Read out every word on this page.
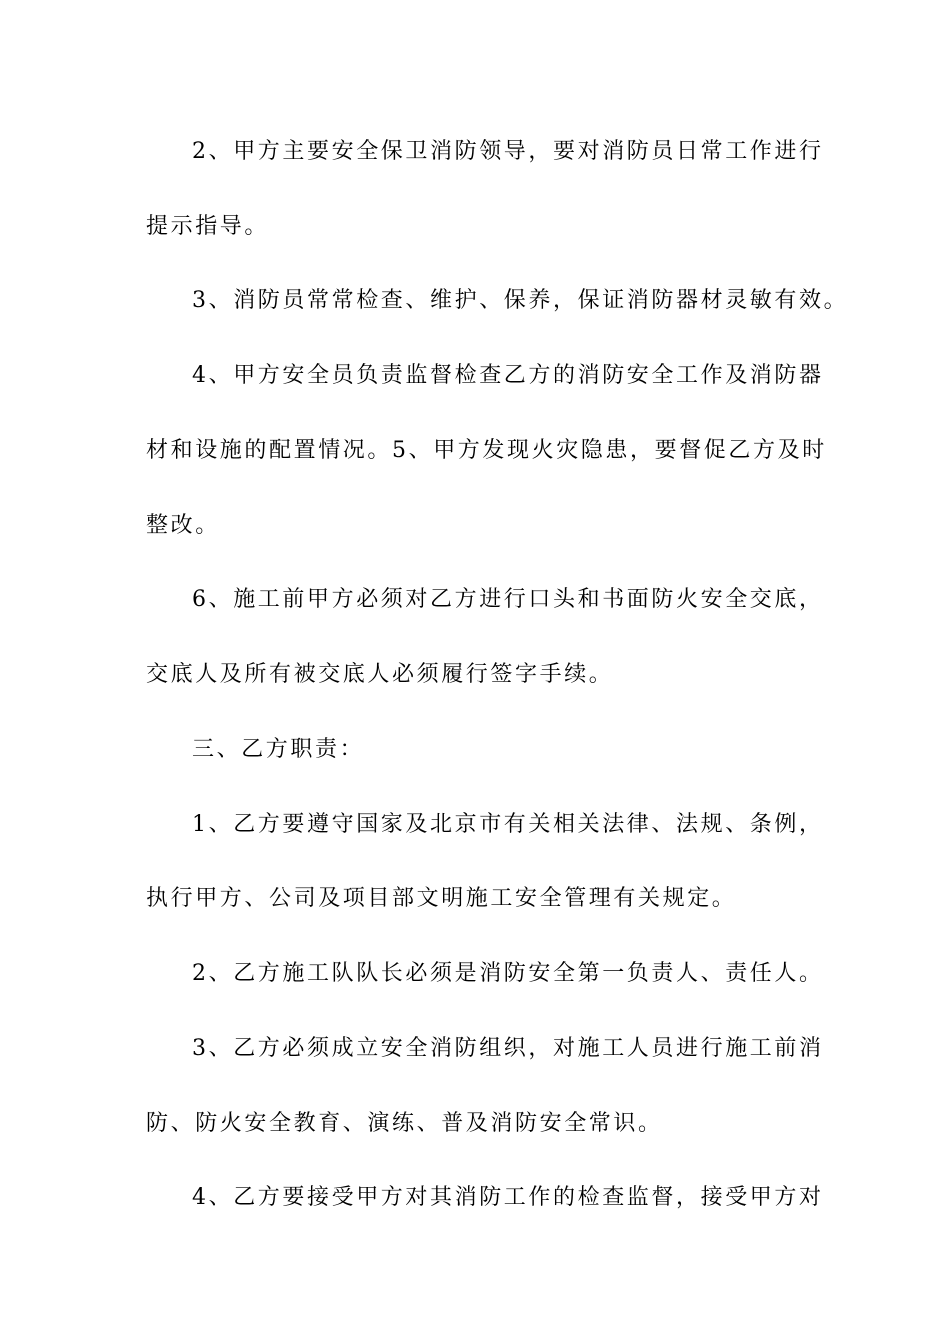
2、甲方主要安全保卫消防领导，要对消防员日常工作进行
提示指导。
3、消防员常常检查、维护、保养，保证消防器材灵敏有效。
4、甲方安全员负责监督检查乙方的消防安全工作及消防器
材和设施的配置情况。5、甲方发现火灾隐患，要督促乙方及时
整改。
6、施工前甲方必须对乙方进行口头和书面防火安全交底，
交底人及所有被交底人必须履行签字手续。
三、乙方职责：
1、乙方要遵守国家及北京市有关相关法律、法规、条例，
执行甲方、公司及项目部文明施工安全管理有关规定。
2、乙方施工队队长必须是消防安全第一负责人、责任人。
3、乙方必须成立安全消防组织，对施工人员进行施工前消
防、防火安全教育、演练、普及消防安全常识。
4、乙方要接受甲方对其消防工作的检查监督，接受甲方对
